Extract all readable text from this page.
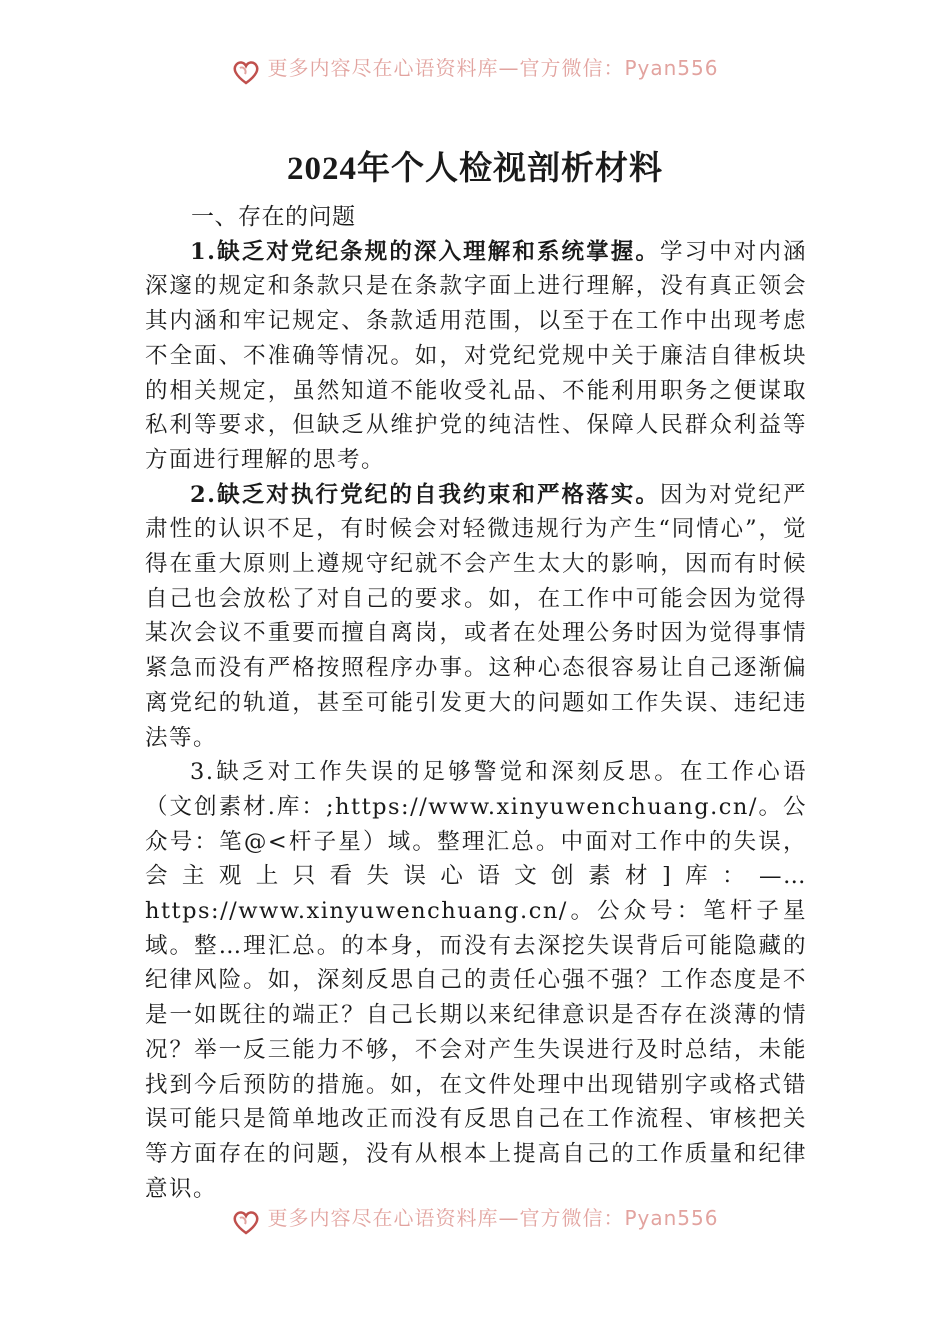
更多内容尽在心语资料库—官方微信：Pyan556
2024年个人检视剖析材料

一、存在的问题

1.缺乏对党纪条规的深入理解和系统掌握。学习中对内涵深邃的规定和条款只是在条款字面上进行理解，没有真正领会其内涵和牢记规定、条款适用范围，以至于在工作中出现考虑不全面、不准确等情况。如，对党纪党规中关于廉洁自律板块的相关规定，虽然知道不能收受礼品、不能利用职务之便谋取私利等要求，但缺乏从维护党的纯洁性、保障人民群众利益等方面进行理解的思考。

2.缺乏对执行党纪的自我约束和严格落实。因为对党纪严肃性的认识不足，有时候会对轻微违规行为产生“同情心”，觉得在重大原则上遵规守纪就不会产生太大的影响，因而有时候自己也会放松了对自己的要求。如，在工作中可能会因为觉得某次会议不重要而擅自离岗，或者在处理公务时因为觉得事情紧急而没有严格按照程序办事。这种心态很容易让自己逐渐偏离党纪的轨道，甚至可能引发更大的问题如工作失误、违纪违法等。

3.缺乏对工作失误的足够警觉和深刻反思。在工作心语（文创素材.库：;https://www.xinyuwenchuang.cn/。公众号：笔@<杆子星）域。整理汇总。中面对工作中的失误，会主观上只看失误心语文创素材]库：—…https://www.xinyuwenchuang.cn/。公众号：笔杆子星域。整…理汇总。的本身，而没有去深挖失误背后可能隐藏的纪律风险。如，深刻反思自己的责任心强不强？工作态度是不是一如既往的端正？自己长期以来纪律意识是否存在淡薄的情况？举一反三能力不够，不会对产生失误进行及时总结，未能找到今后预防的措施。如，在文件处理中出现错别字或格式错误可能只是简单地改正而没有反思自己在工作流程、审核把关等方面存在的问题，没有从根本上提高自己的工作质量和纪律意识。

更多内容尽在心语资料库—官方微信：Pyan556
